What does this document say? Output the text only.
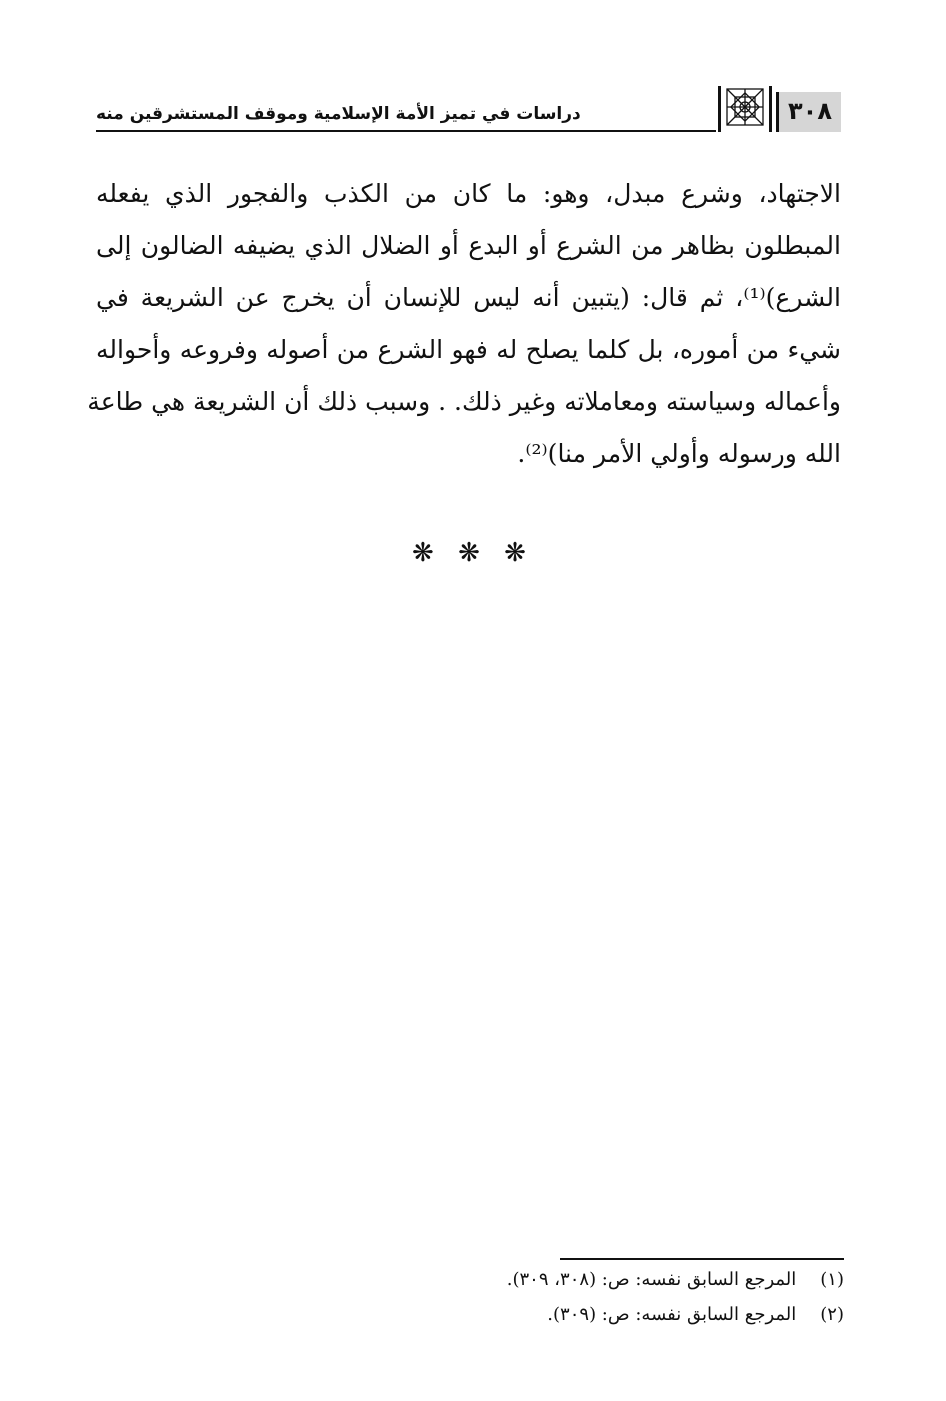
دراسات في تميز الأمة الإسلامية وموقف المستشرقين منه	٣٠٨
الاجتهاد، وشرع مبدل، وهو: ما كان من الكذب والفجور الذي يفعله
المبطلون بظاهر من الشرع أو البدع أو الضلال الذي يضيفه الضالون إلى
الشرع)⁽¹⁾، ثم قال: (يتبين أنه ليس للإنسان أن يخرج عن الشريعة في
شيء من أموره، بل كلما يصلح له فهو الشرع من أصوله وفروعه وأحواله
وأعماله وسياسته ومعاملاته وغير ذلك. . وسبب ذلك أن الشريعة هي طاعة
الله ورسوله وأولي الأمر منا)⁽²⁾.
❋ ❋ ❋
(١) المرجع السابق نفسه: ص: (٣٠٨، ٣٠٩).
(٢) المرجع السابق نفسه: ص: (٣٠٩).
